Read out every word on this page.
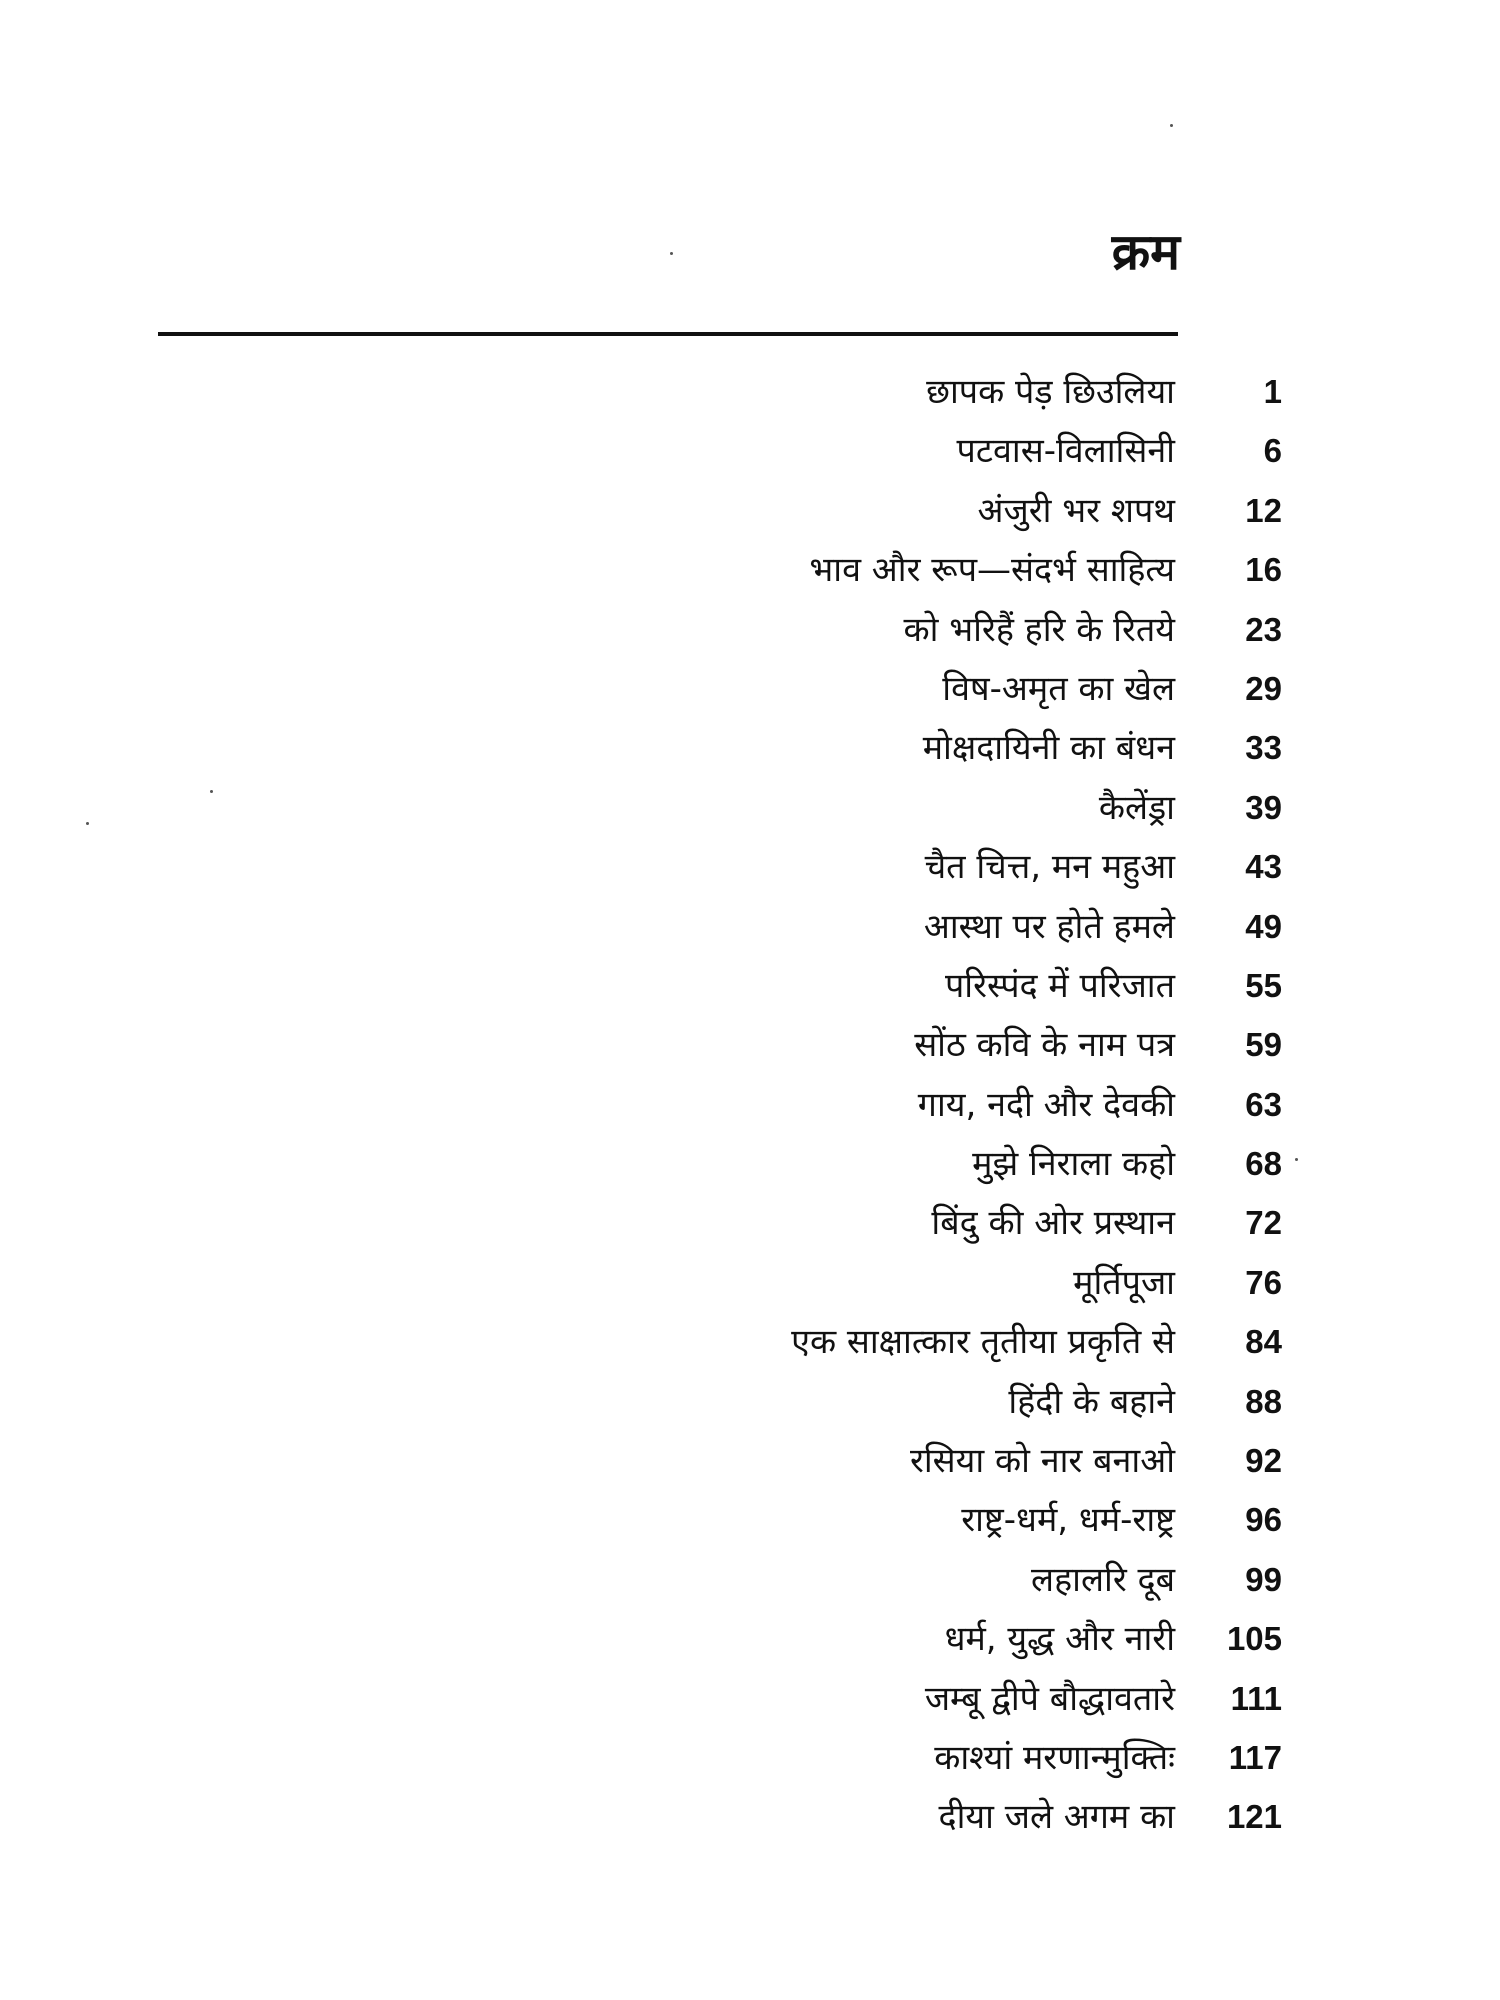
क्रम
छापक पेड़ छिउलिया	1
पटवास-विलासिनी	6
अंजुरी भर शपथ 12
भाव और रूप—संदर्भ साहित्य 16
को भरिहैं हरि के रितये 23
विष-अमृत का खेल 29
मोक्षदायिनी का बंधन 33
कैलेंड्रा 39
चैत चित्त, मन महुआ 43
आस्था पर होते हमले 49
परिस्पंद में परिजात 55
सोंठ कवि के नाम पत्र 59
गाय, नदी और देवकी 63
मुझे निराला कहो 68
बिंदु की ओर प्रस्थान 72
मूर्तिपूजा 76
एक साक्षात्कार तृतीया प्रकृति से 84
हिंदी के बहाने 88
रसिया को नार बनाओ 92
राष्ट्र-धर्म, धर्म-राष्ट्र 96
लहालरि दूब 99
धर्म, युद्ध और नारी 105
जम्बू द्वीपे बौद्धावतारे 111
काश्यां मरणान्मुक्तिः 117
दीया जले अगम का 121
